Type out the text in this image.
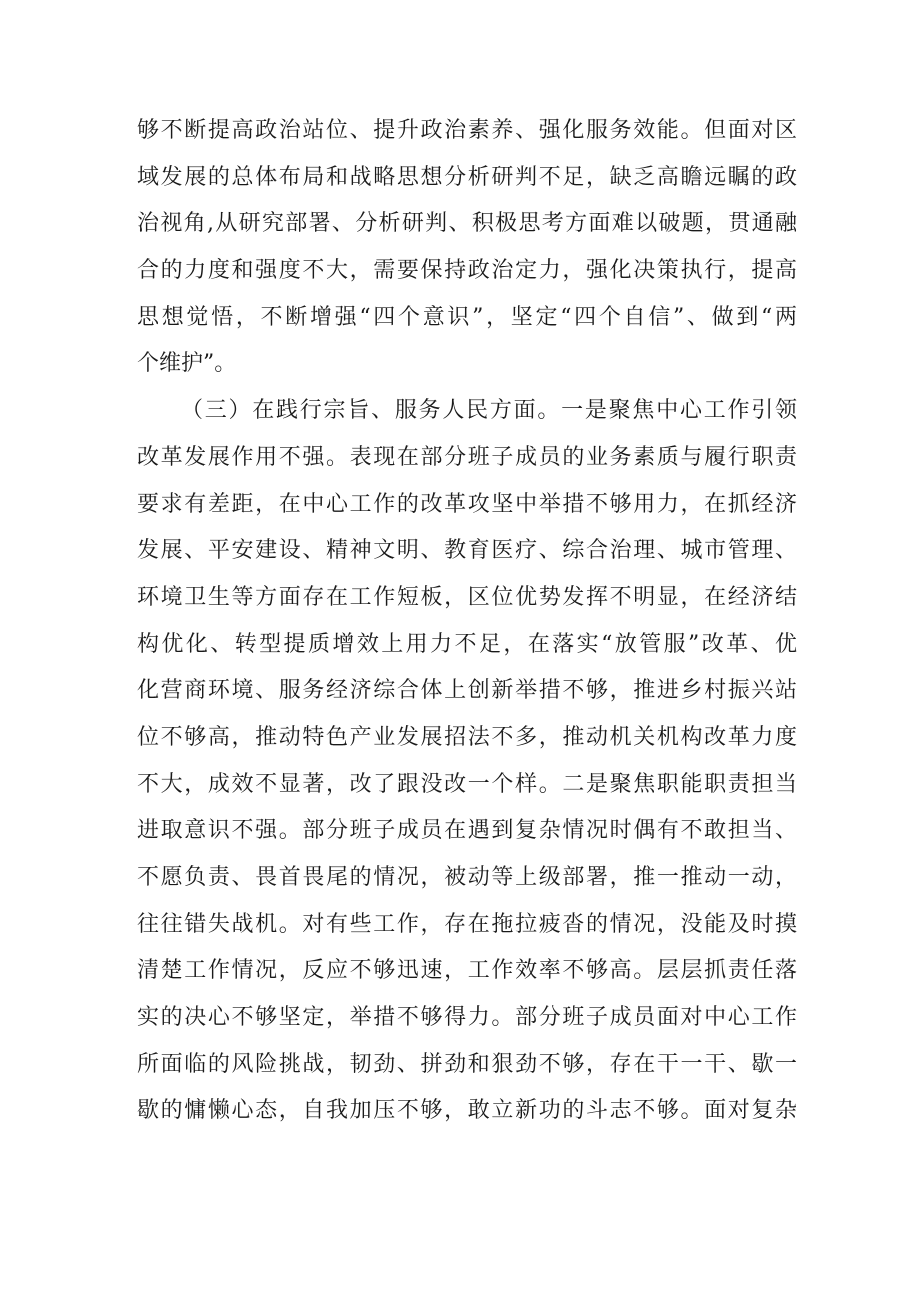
够不断提高政治站位、提升政治素养、强化服务效能。但面对区
域发展的总体布局和战略思想分析研判不足，缺乏高瞻远瞩的政
治视角,从研究部署、分析研判、积极思考方面难以破题，贯通融
合的力度和强度不大，需要保持政治定力，强化决策执行，提高
思想觉悟，不断增强“四个意识”，坚定“四个自信”、做到“两
个维护”。
（三）在践行宗旨、服务人民方面。一是聚焦中心工作引领
改革发展作用不强。表现在部分班子成员的业务素质与履行职责
要求有差距，在中心工作的改革攻坚中举措不够用力，在抓经济
发展、平安建设、精神文明、教育医疗、综合治理、城市管理、
环境卫生等方面存在工作短板，区位优势发挥不明显，在经济结
构优化、转型提质增效上用力不足，在落实“放管服”改革、优
化营商环境、服务经济综合体上创新举措不够，推进乡村振兴站
位不够高，推动特色产业发展招法不多，推动机关机构改革力度
不大，成效不显著，改了跟没改一个样。二是聚焦职能职责担当
进取意识不强。部分班子成员在遇到复杂情况时偶有不敢担当、
不愿负责、畏首畏尾的情况，被动等上级部署，推一推动一动，
往往错失战机。对有些工作，存在拖拉疲沓的情况，没能及时摸
清楚工作情况，反应不够迅速，工作效率不够高。层层抓责任落
实的决心不够坚定，举措不够得力。部分班子成员面对中心工作
所面临的风险挑战，韧劲、拼劲和狠劲不够，存在干一干、歇一
歇的慵懒心态，自我加压不够，敢立新功的斗志不够。面对复杂
